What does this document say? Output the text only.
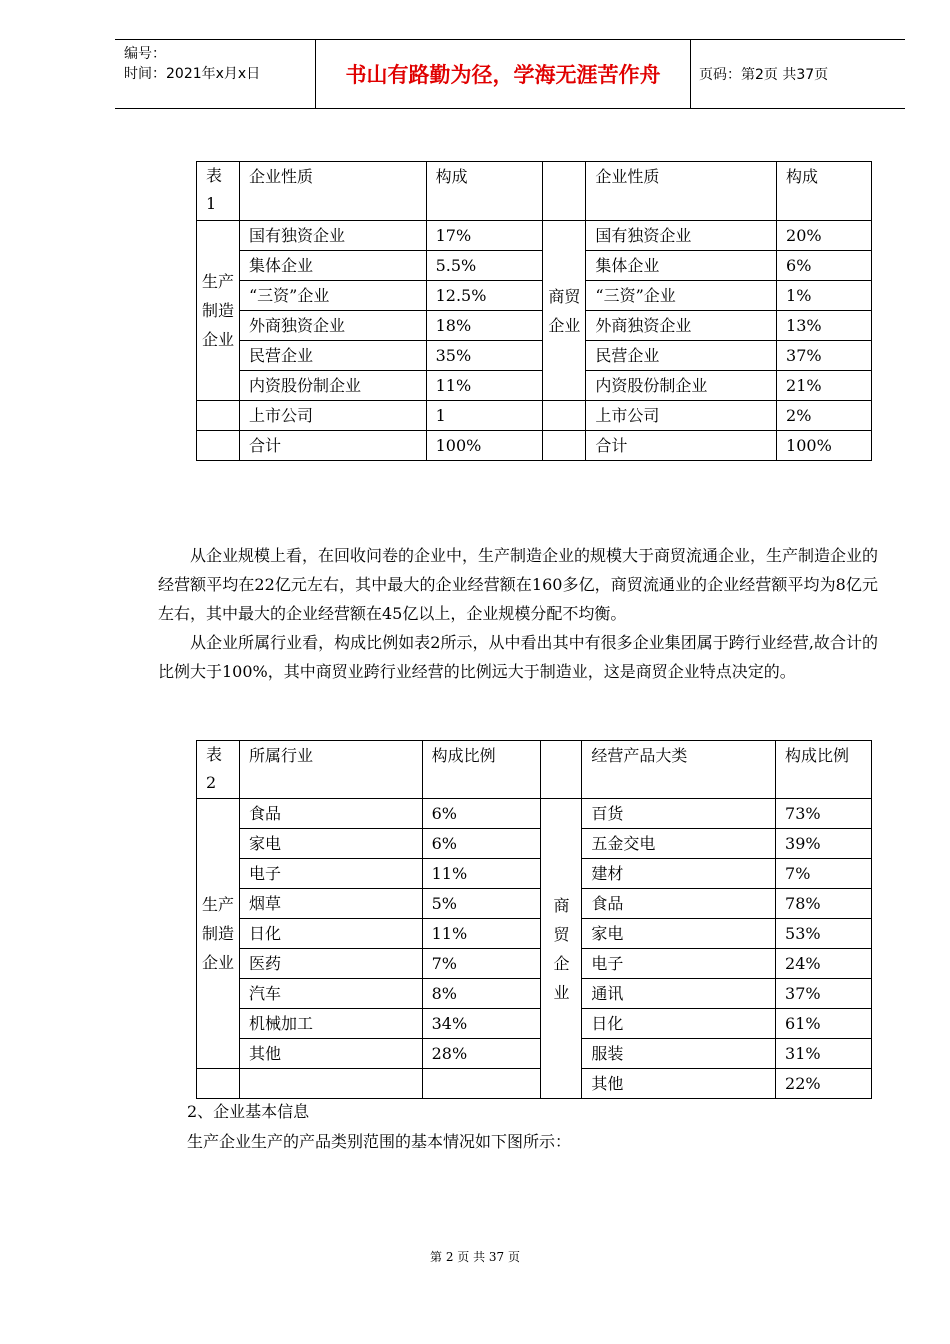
编号：
时间：2021年x月x日	书山有路勤为径，学海无涯苦作舟	页码：第2页 共37页
表1	企业性质	构成		企业性质	构成
生产制造企业	国有独资企业	17%	商贸企业	国有独资企业	20%
	集体企业	5.5%		集体企业	6%
	“三资”企业	12.5%		“三资”企业	1%
	外商独资企业	18%		外商独资企业	13%
	民营企业	35%		民营企业	37%
	内资股份制企业	11%		内资股份制企业	21%
	上市公司	1		上市公司	2%
	合计	100%		合计	100%

从企业规模上看，在回收问卷的企业中，生产制造企业的规模大于商贸流通企业，生产制造企业的经营额平均在22亿元左右，其中最大的企业经营额在160多亿，商贸流通业的企业经营额平均为8亿元左右，其中最大的企业经营额在45亿以上，企业规模分配不均衡。

从企业所属行业看，构成比例如表2所示，从中看出其中有很多企业集团属于跨行业经营,故合计的比例大于100%，其中商贸业跨行业经营的比例远大于制造业，这是商贸企业特点决定的。

表2	所属行业	构成比例		经营产品大类	构成比例
生产制造企业	食品	6%	商贸企业	百货	73%
	家电	6%		五金交电	39%
	电子	11%		建材	7%
	烟草	5%		食品	78%
	日化	11%		家电	53%
	医药	7%		电子	24%
	汽车	8%		通讯	37%
	机械加工	34%		日化	61%
	其他	28%		服装	31%
				其他	22%
2、企业基本信息
生产企业生产的产品类别范围的基本情况如下图所示：
第 2 页 共 37 页
